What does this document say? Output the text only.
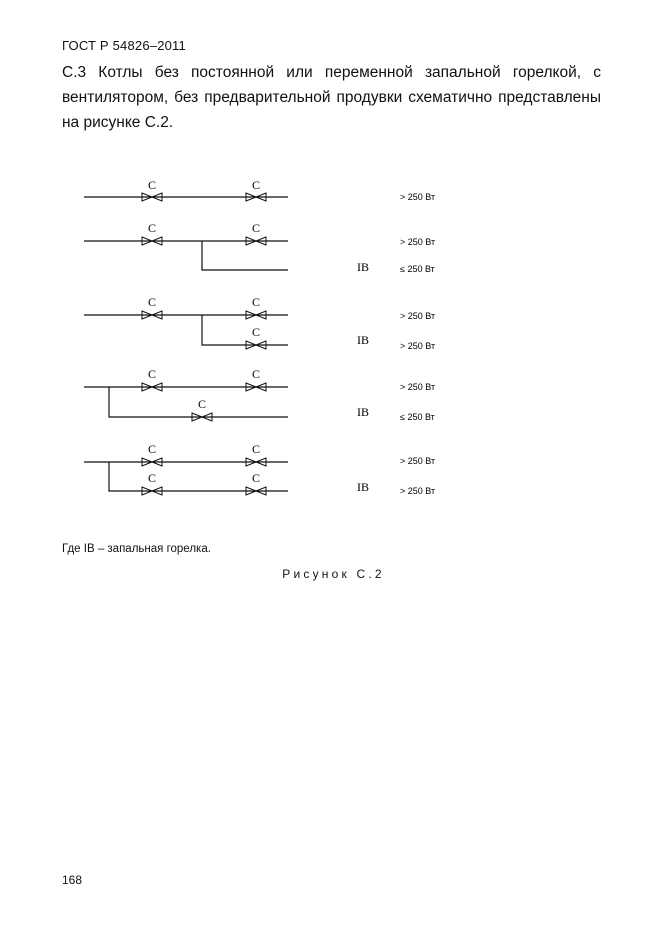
ГОСТ Р 54826–2011
С.3 Котлы без постоянной или переменной запальной горелкой, с вентилятором, без предварительной продувки схематично представлены на рисунке С.2.
C	C
> 250 Вт
C	C
IB
> 250 Вт
≤ 250 Вт
C	C
C
IB
> 250 Вт
> 250 Вт
C	C
C
IB
> 250 Вт
≤ 250 Вт
C	C
C	C
IB
> 250 Вт
> 250 Вт
Где IB – запальная горелка.
Рисунок С.2
168
